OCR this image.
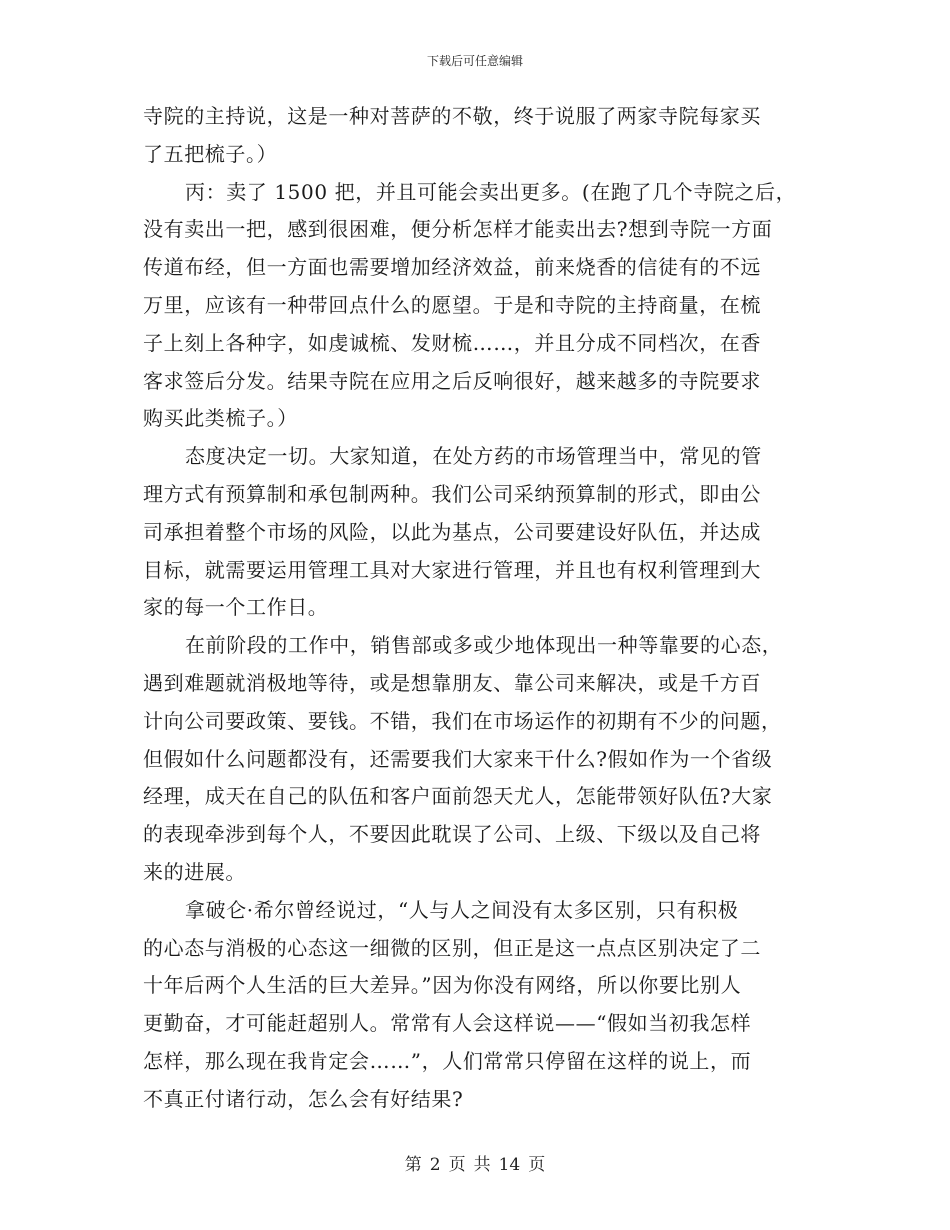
下载后可任意编辑
寺院的主持说，这是一种对菩萨的不敬，终于说服了两家寺院每家买
了五把梳子。）
丙：卖了 1500 把，并且可能会卖出更多。(在跑了几个寺院之后，
没有卖出一把，感到很困难，便分析怎样才能卖出去?想到寺院一方面
传道布经，但一方面也需要增加经济效益，前来烧香的信徒有的不远
万里，应该有一种带回点什么的愿望。于是和寺院的主持商量，在梳
子上刻上各种字，如虔诚梳、发财梳……，并且分成不同档次，在香
客求签后分发。结果寺院在应用之后反响很好，越来越多的寺院要求
购买此类梳子。）
态度决定一切。大家知道，在处方药的市场管理当中，常见的管
理方式有预算制和承包制两种。我们公司采纳预算制的形式，即由公
司承担着整个市场的风险，以此为基点，公司要建设好队伍，并达成
目标，就需要运用管理工具对大家进行管理，并且也有权利管理到大
家的每一个工作日。
在前阶段的工作中，销售部或多或少地体现出一种等靠要的心态，
遇到难题就消极地等待，或是想靠朋友、靠公司来解决，或是千方百
计向公司要政策、要钱。不错，我们在市场运作的初期有不少的问题，
但假如什么问题都没有，还需要我们大家来干什么?假如作为一个省级
经理，成天在自己的队伍和客户面前怨天尤人，怎能带领好队伍?大家
的表现牵涉到每个人，不要因此耽误了公司、上级、下级以及自己将
来的进展。
拿破仑·希尔曾经说过，“人与人之间没有太多区别，只有积极
的心态与消极的心态这一细微的区别，但正是这一点点区别决定了二
十年后两个人生活的巨大差异。”因为你没有网络，所以你要比别人
更勤奋，才可能赶超别人。常常有人会这样说——“假如当初我怎样
怎样，那么现在我肯定会……”，人们常常只停留在这样的说上，而
不真正付诸行动，怎么会有好结果?
第 2 页 共 14 页
